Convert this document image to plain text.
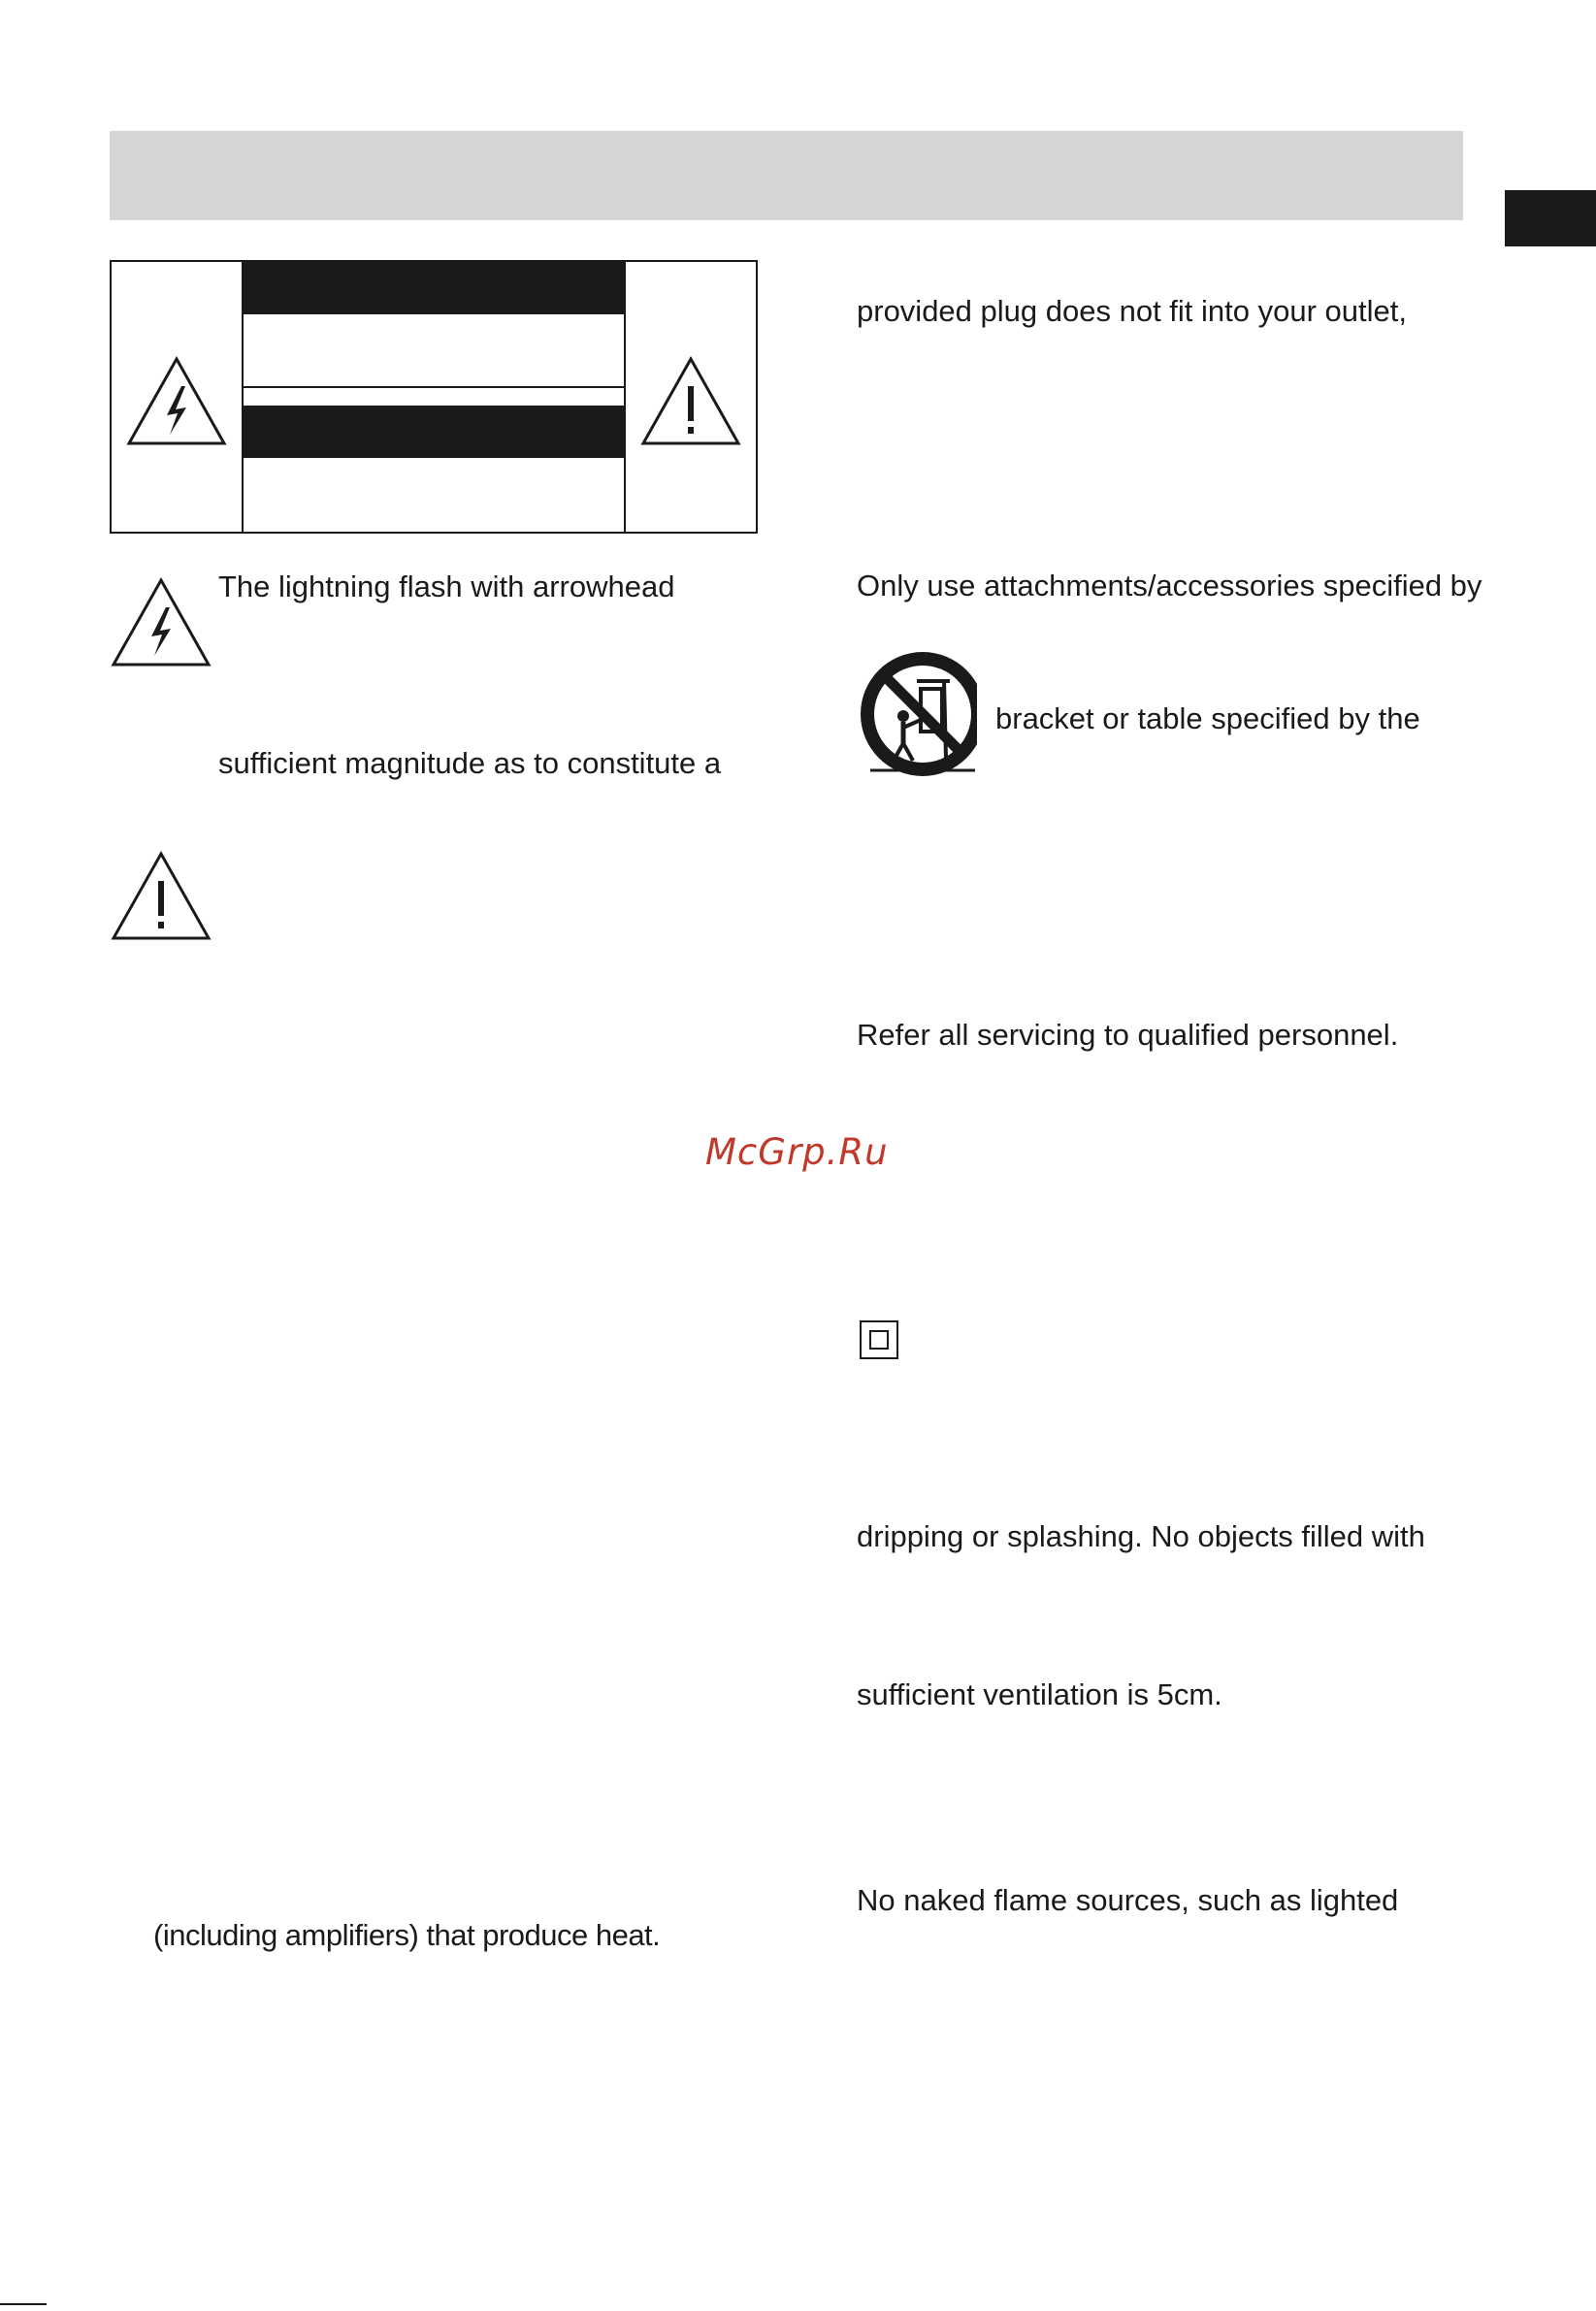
The lightning flash with arrowhead
sufficient magnitude as to constitute a
(including amplifiers) that produce heat.
provided plug does not fit into your outlet,
Only use attachments/accessories specified by
bracket or table specified by the
Refer all servicing to qualified personnel.
dripping or splashing. No objects filled with
sufficient ventilation is 5cm.
No naked flame sources, such as lighted
McGrp.Ru
